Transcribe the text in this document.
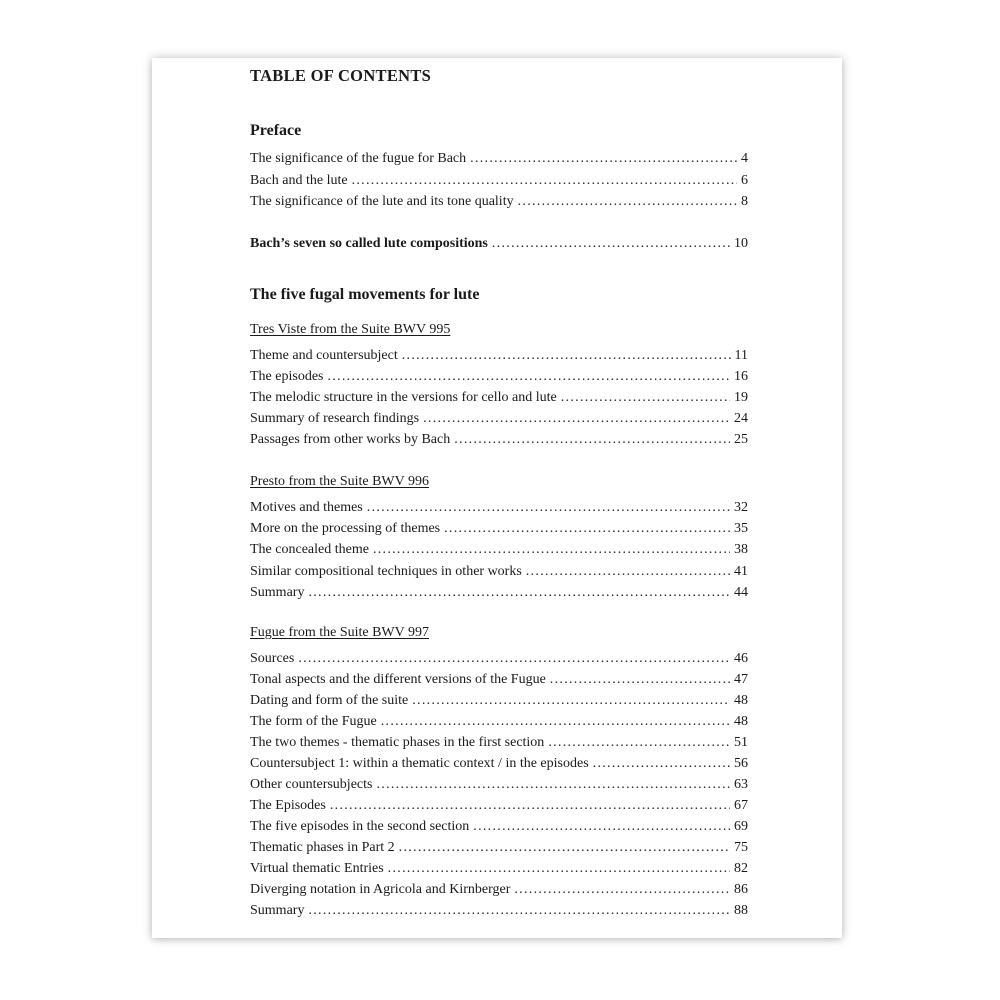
TABLE OF CONTENTS
Preface
The significance of the fugue for Bach .....	4
Bach and the lute .....	6
The significance of the lute and its tone quality .....	8
Bach’s seven so called lute compositions .....	10
The five fugal movements for lute
Tres Viste from the Suite BWV 995
Theme and countersubject .....	11
The episodes .....	16
The melodic structure in the versions for cello and lute .....	19
Summary of research findings .....	24
Passages from other works by Bach .....	25
Presto from the Suite BWV 996
Motives and themes .....	32
More on the processing of themes .....	35
The concealed theme .....	38
Similar compositional techniques in other works .....	41
Summary .....	44
Fugue from the Suite BWV 997
Sources .....	46
Tonal aspects and the different versions of the Fugue .....	47
Dating and form of the suite .....	48
The form of the Fugue .....	48
The two themes - thematic phases in the first section .....	51
Countersubject 1: within a thematic context / in the episodes .....	56
Other countersubjects .....	63
The Episodes .....	67
The five episodes in the second section .....	69
Thematic phases in Part 2 .....	75
Virtual thematic Entries .....	82
Diverging notation in Agricola and Kirnberger .....	86
Summary .....	88
